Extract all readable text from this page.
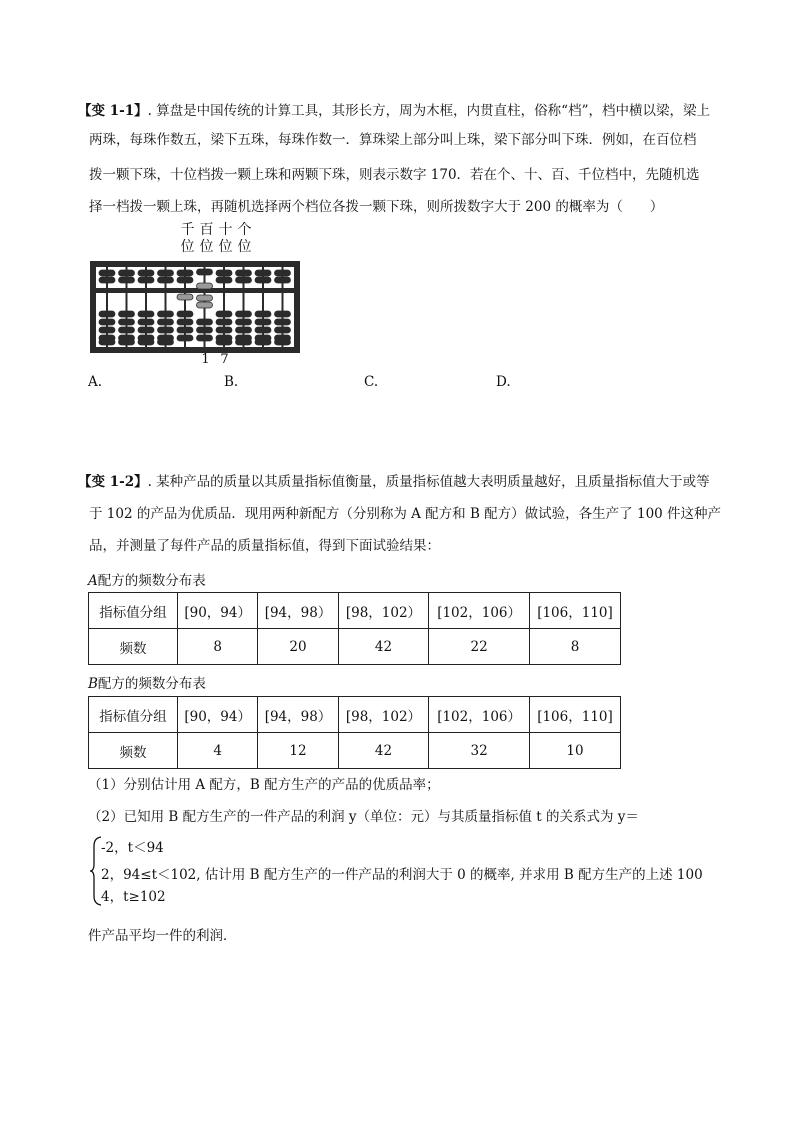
【变 1-1】. 算盘是中国传统的计算工具，其形长方，周为木框，内贯直柱，俗称“档”，档中横以梁，梁上
两珠，每珠作数五，梁下五珠，每珠作数一．算珠梁上部分叫上珠，梁下部分叫下珠．例如，在百位档
拨一颗下珠，十位档拨一颗上珠和两颗下珠，则表示数字 170．若在个、十、百、千位档中，先随机选
择一档拨一颗上珠，再随机选择两个档位各拨一颗下珠，则所拨数字大于 200 的概率为（　　）
千 百 十 个
位 位 位 位
1 7
A.	B.	C.	D.
【变 1-2】. 某种产品的质量以其质量指标值衡量，质量指标值越大表明质量越好，且质量指标值大于或等
于 102 的产品为优质品．现用两种新配方（分别称为 A 配方和 B 配方）做试验，各生产了 100 件这种产
品，并测量了每件产品的质量指标值，得到下面试验结果：
A配方的频数分布表
指标值分组	[90，94）	[94，98）	[98，102）	[102，106）	[106，110]
频数	8	20	42	22	8
B配方的频数分布表
指标值分组	[90，94）	[94，98）	[98，102）	[102，106）	[106，110]
频数	4	12	42	32	10
（1）分别估计用 A 配方，B 配方生产的产品的优质品率；
（2）已知用 B 配方生产的一件产品的利润 y（单位：元）与其质量指标值 t 的关系式为 y＝
-2，t＜94
2，94≤t＜102, 估计用 B 配方生产的一件产品的利润大于 0 的概率, 并求用 B 配方生产的上述 100
4，t≥102
件产品平均一件的利润．
